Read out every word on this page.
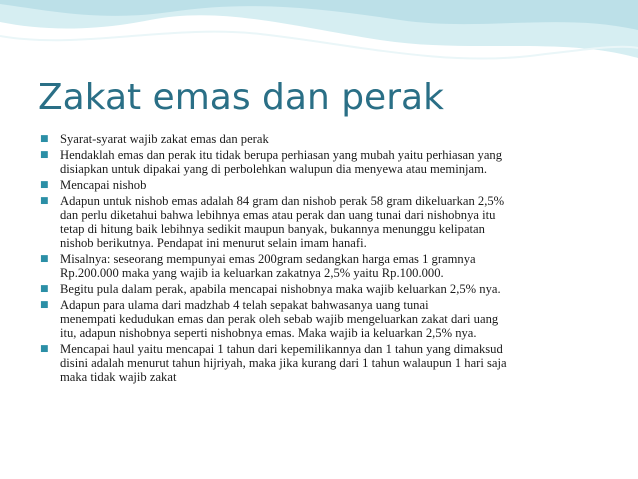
Zakat emas dan perak
■ Syarat-syarat wajib zakat emas dan perak
■ Hendaklah emas dan perak itu tidak berupa perhiasan yang mubah yaitu perhiasan yang
disiapkan untuk dipakai yang di perbolehkan walupun dia menyewa atau meminjam.
■ Mencapai nishob
■ Adapun untuk nishob emas adalah 84 gram dan nishob perak 58 gram dikeluarkan 2,5%
dan perlu diketahui bahwa lebihnya emas atau perak dan uang tunai dari nishobnya itu
tetap di hitung baik lebihnya sedikit maupun banyak, bukannya menunggu kelipatan
nishob berikutnya. Pendapat ini menurut selain imam hanafi.
■ Misalnya: seseorang mempunyai emas 200gram sedangkan harga emas 1 gramnya
Rp.200.000 maka yang wajib ia keluarkan zakatnya 2,5% yaitu Rp.100.000.
■ Begitu pula dalam perak, apabila mencapai nishobnya maka wajib keluarkan 2,5% nya.
■ Adapun para ulama dari madzhab 4 telah sepakat bahwasanya uang tunai
menempati kedudukan emas dan perak oleh sebab wajib mengeluarkan zakat dari uang
itu, adapun nishobnya seperti nishobnya emas. Maka wajib ia keluarkan 2,5% nya.
■ Mencapai haul yaitu mencapai 1 tahun dari kepemilikannya dan 1 tahun yang dimaksud
disini adalah menurut tahun hijriyah, maka jika kurang dari 1 tahun walaupun 1 hari saja
maka tidak wajib zakat
